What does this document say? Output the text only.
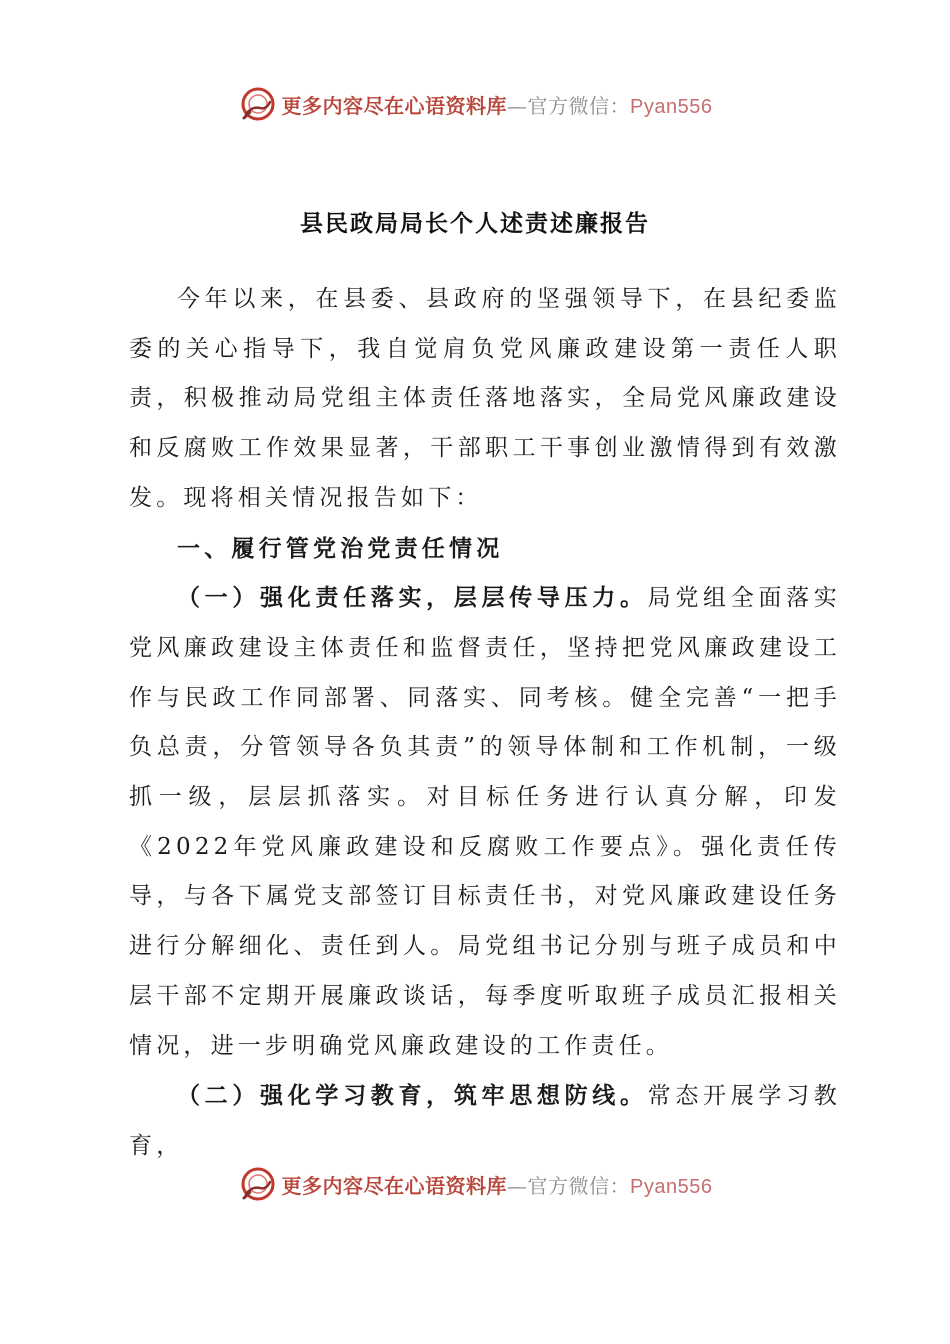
更多内容尽在心语资料库—官方微信：Pyan556
县民政局局长个人述责述廉报告

今年以来，在县委、县政府的坚强领导下，在县纪委监委的关心指导下，我自觉肩负党风廉政建设第一责任人职责，积极推动局党组主体责任落地落实，全局党风廉政建设和反腐败工作效果显著，干部职工干事创业激情得到有效激发。现将相关情况报告如下：

一、履行管党治党责任情况

（一）强化责任落实，层层传导压力。局党组全面落实党风廉政建设主体责任和监督责任，坚持把党风廉政建设工作与民政工作同部署、同落实、同考核。健全完善“一把手负总责，分管领导各负其责”的领导体制和工作机制，一级抓一级，层层抓落实。对目标任务进行认真分解，印发《2022年党风廉政建设和反腐败工作要点》。强化责任传导，与各下属党支部签订目标责任书，对党风廉政建设任务进行分解细化、责任到人。局党组书记分别与班子成员和中层干部不定期开展廉政谈话，每季度听取班子成员汇报相关情况，进一步明确党风廉政建设的工作责任。

（二）强化学习教育，筑牢思想防线。常态开展学习教育，

更多内容尽在心语资料库—官方微信：Pyan556
